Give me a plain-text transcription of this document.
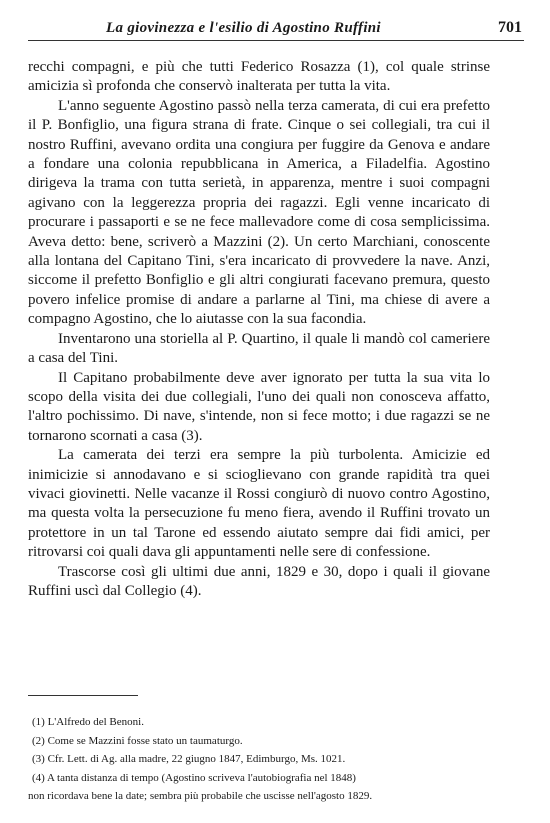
La giovinezza e l'esilio di Agostino Ruffini	701

recchi compagni, e più che tutti Federico Rosazza (1), col quale strinse amicizia sì profonda che conservò inalterata per tutta la vita.

L'anno seguente Agostino passò nella terza camerata, di cui era prefetto il P. Bonfiglio, una figura strana di frate. Cinque o sei collegiali, tra cui il nostro Ruffini, avevano ordita una congiura per fuggire da Genova e andare a fondare una colonia repubblicana in America, a Filadelfia. Agostino dirigeva la trama con tutta serietà, in apparenza, mentre i suoi compagni agivano con la leggerezza propria dei ragazzi. Egli venne incaricato di procurare i passaporti e se ne fece mallevadore come di cosa semplicissima. Aveva detto: bene, scriverò a Mazzini (2). Un certo Marchiani, conoscente alla lontana del Capitano Tini, s'era incaricato di provvedere la nave. Anzi, siccome il prefetto Bonfiglio e gli altri congiurati facevano premura, questo povero infelice promise di andare a parlarne al Tini, ma chiese di avere a compagno Agostino, che lo aiutasse con la sua facondia.

Inventarono una storiella al P. Quartino, il quale li mandò col cameriere a casa del Tini.

Il Capitano probabilmente deve aver ignorato per tutta la sua vita lo scopo della visita dei due collegiali, l'uno dei quali non conosceva affatto, l'altro pochissimo. Di nave, s'intende, non si fece motto; i due ragazzi se ne tornarono scornati a casa (3).

La camerata dei terzi era sempre la più turbolenta. Amicizie ed inimicizie si annodavano e si scioglievano con grande rapidità tra quei vivaci giovinetti. Nelle vacanze il Rossi congiurò di nuovo contro Agostino, ma questa volta la persecuzione fu meno fiera, avendo il Ruffini trovato un protettore in un tal Tarone ed essendo aiutato sempre dai fidi amici, per ritrovarsi coi quali dava gli appuntamenti nelle sere di confessione.

Trascorse così gli ultimi due anni, 1829 e 30, dopo i quali il giovane Ruffini uscì dal Collegio (4).

(1) L'Alfredo del Benoni.
(2) Come se Mazzini fosse stato un taumaturgo.
(3) Cfr. Lett. di Ag. alla madre, 22 giugno 1847, Edimburgo, Ms. 1021.
(4) A tanta distanza di tempo (Agostino scriveva l'autobiografia nel 1848)
non ricordava bene la date; sembra più probabile che uscisse nell'agosto 1829.
